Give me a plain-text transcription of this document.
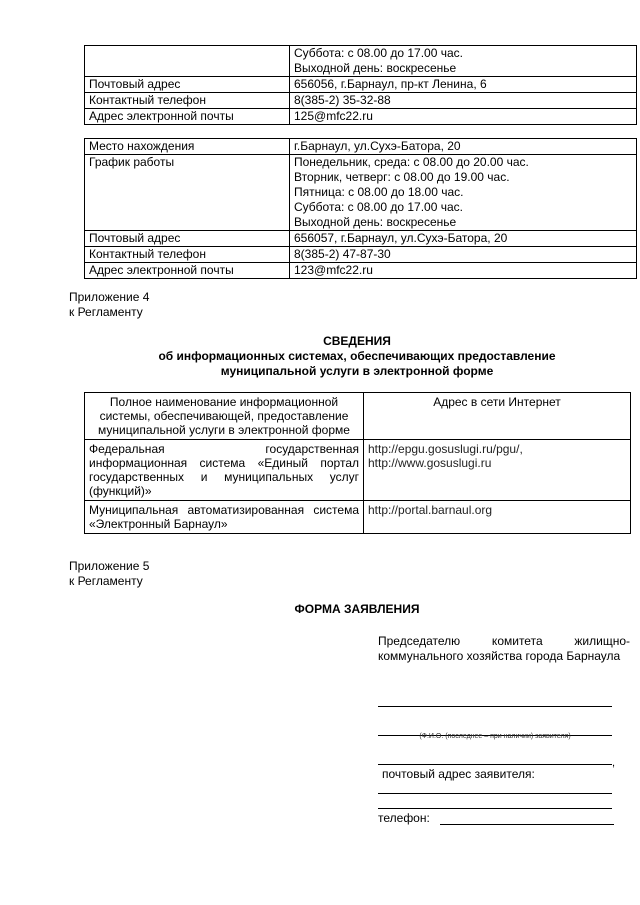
	Суббота: с 08.00 до 17.00 час.
Выходной день: воскресенье

Почтовый адрес	656056, г.Барнаул, пр-кт Ленина, 6

Контактный телефон	8(385-2) 35-32-88

Адрес электронной почты	125@mfc22.ru
Место нахождения	г.Барнаул, ул.Сухэ-Батора, 20

График работы	Понедельник, среда: с 08.00 до 20.00 час.
Вторник, четверг: с 08.00 до 19.00 час.
Пятница: с 08.00 до 18.00 час.
Суббота: с 08.00 до 17.00 час.
Выходной день: воскресенье

Почтовый адрес	656057, г.Барнаул, ул.Сухэ-Батора, 20

Контактный телефон	8(385-2) 47-87-30

Адрес электронной почты	123@mfc22.ru
Приложение 4
к Регламенту
СВЕДЕНИЯ
об информационных системах, обеспечивающих предоставление
муниципальной услуги в электронной форме
Полное наименование информационной системы, обеспечивающей, предоставление муниципальной услуги в электронной форме	Адрес в сети Интернет
Федеральная государственная информационная система «Единый портал государственных и муниципальных услуг (функций)»	http://epgu.gosuslugi.ru/pgu/,
http://www.gosuslugi.ru

Муниципальная автоматизированная система «Электронный Барнаул»	http://portal.barnaul.org
Приложение 5
к Регламенту
ФОРМА ЗАЯВЛЕНИЯ
Председателю комитета жилищно-коммунального хозяйства города Барнаула
(Ф.И.О. (последнее – при наличии) заявителя)
,
почтовый адрес заявителя:
телефон:
